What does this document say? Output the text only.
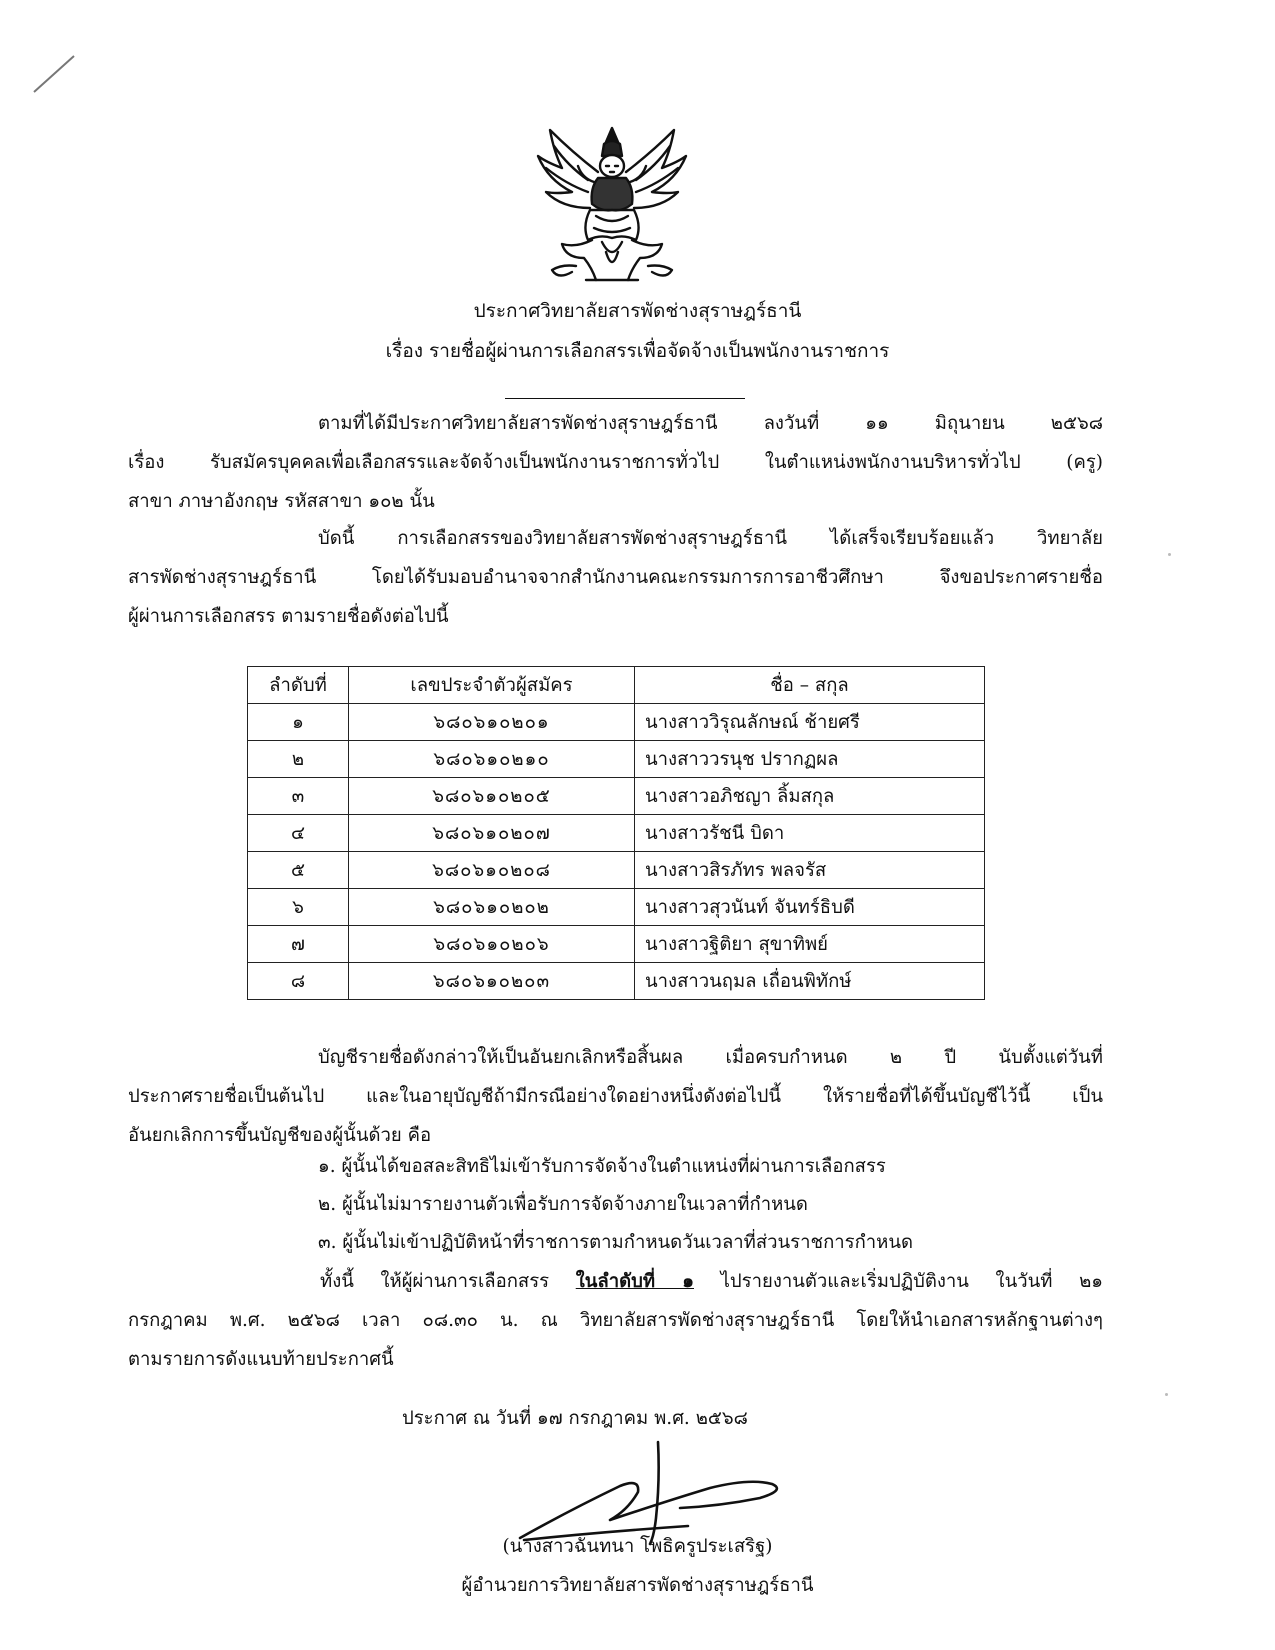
ประกาศวิทยาลัยสารพัดช่างสุราษฎร์ธานี
เรื่อง รายชื่อผู้ผ่านการเลือกสรรเพื่อจัดจ้างเป็นพนักงานราชการ
ตามที่ได้มีประกาศวิทยาลัยสารพัดช่างสุราษฎร์ธานี ลงวันที่ ๑๑ มิถุนายน ๒๕๖๘
เรื่อง รับสมัครบุคคลเพื่อเลือกสรรและจัดจ้างเป็นพนักงานราชการทั่วไป ในตำแหน่งพนักงานบริหารทั่วไป (ครู)
สาขา ภาษาอังกฤษ รหัสสาขา ๑๐๒ นั้น
บัดนี้ การเลือกสรรของวิทยาลัยสารพัดช่างสุราษฎร์ธานี ได้เสร็จเรียบร้อยแล้ว วิทยาลัย
สารพัดช่างสุราษฎร์ธานี โดยได้รับมอบอำนาจจากสำนักงานคณะกรรมการการอาชีวศึกษา จึงขอประกาศรายชื่อ
ผู้ผ่านการเลือกสรร ตามรายชื่อดังต่อไปนี้
ลำดับที่	เลขประจำตัวผู้สมัคร	ชื่อ – สกุล
๑	๖๘๐๖๑๐๒๐๑	นางสาววิรุณลักษณ์ ช้ายศรี
๒	๖๘๐๖๑๐๒๑๐	นางสาววรนุช ปรากฏผล
๓	๖๘๐๖๑๐๒๐๕	นางสาวอภิชญา ลิ้มสกุล
๔	๖๘๐๖๑๐๒๐๗	นางสาวรัชนี บิดา
๕	๖๘๐๖๑๐๒๐๘	นางสาวสิรภัทร พลจรัส
๖	๖๘๐๖๑๐๒๐๒	นางสาวสุวนันท์ จันทร์ธิบดี
๗	๖๘๐๖๑๐๒๐๖	นางสาวฐิติยา สุขาทิพย์
๘	๖๘๐๖๑๐๒๐๓	นางสาวนฤมล เถื่อนพิทักษ์
บัญชีรายชื่อดังกล่าวให้เป็นอันยกเลิกหรือสิ้นผล เมื่อครบกำหนด ๒ ปี นับตั้งแต่วันที่
ประกาศรายชื่อเป็นต้นไป และในอายุบัญชีถ้ามีกรณีอย่างใดอย่างหนึ่งดังต่อไปนี้ ให้รายชื่อที่ได้ขึ้นบัญชีไว้นี้ เป็น
อันยกเลิกการขึ้นบัญชีของผู้นั้นด้วย คือ
๑. ผู้นั้นได้ขอสละสิทธิไม่เข้ารับการจัดจ้างในตำแหน่งที่ผ่านการเลือกสรร
๒. ผู้นั้นไม่มารายงานตัวเพื่อรับการจัดจ้างภายในเวลาที่กำหนด
๓. ผู้นั้นไม่เข้าปฏิบัติหน้าที่ราชการตามกำหนดวันเวลาที่ส่วนราชการกำหนด
ทั้งนี้ ให้ผู้ผ่านการเลือกสรร ในลำดับที่ ๑ ไปรายงานตัวและเริ่มปฏิบัติงาน ในวันที่ ๒๑
กรกฎาคม พ.ศ. ๒๕๖๘ เวลา ๐๘.๓๐ น. ณ วิทยาลัยสารพัดช่างสุราษฎร์ธานี โดยให้นำเอกสารหลักฐานต่างๆ
ตามรายการดังแนบท้ายประกาศนี้
ประกาศ ณ วันที่ ๑๗ กรกฎาคม พ.ศ. ๒๕๖๘
(นางสาวฉันทนา โพธิครูประเสริฐ)
ผู้อำนวยการวิทยาลัยสารพัดช่างสุราษฎร์ธานี
